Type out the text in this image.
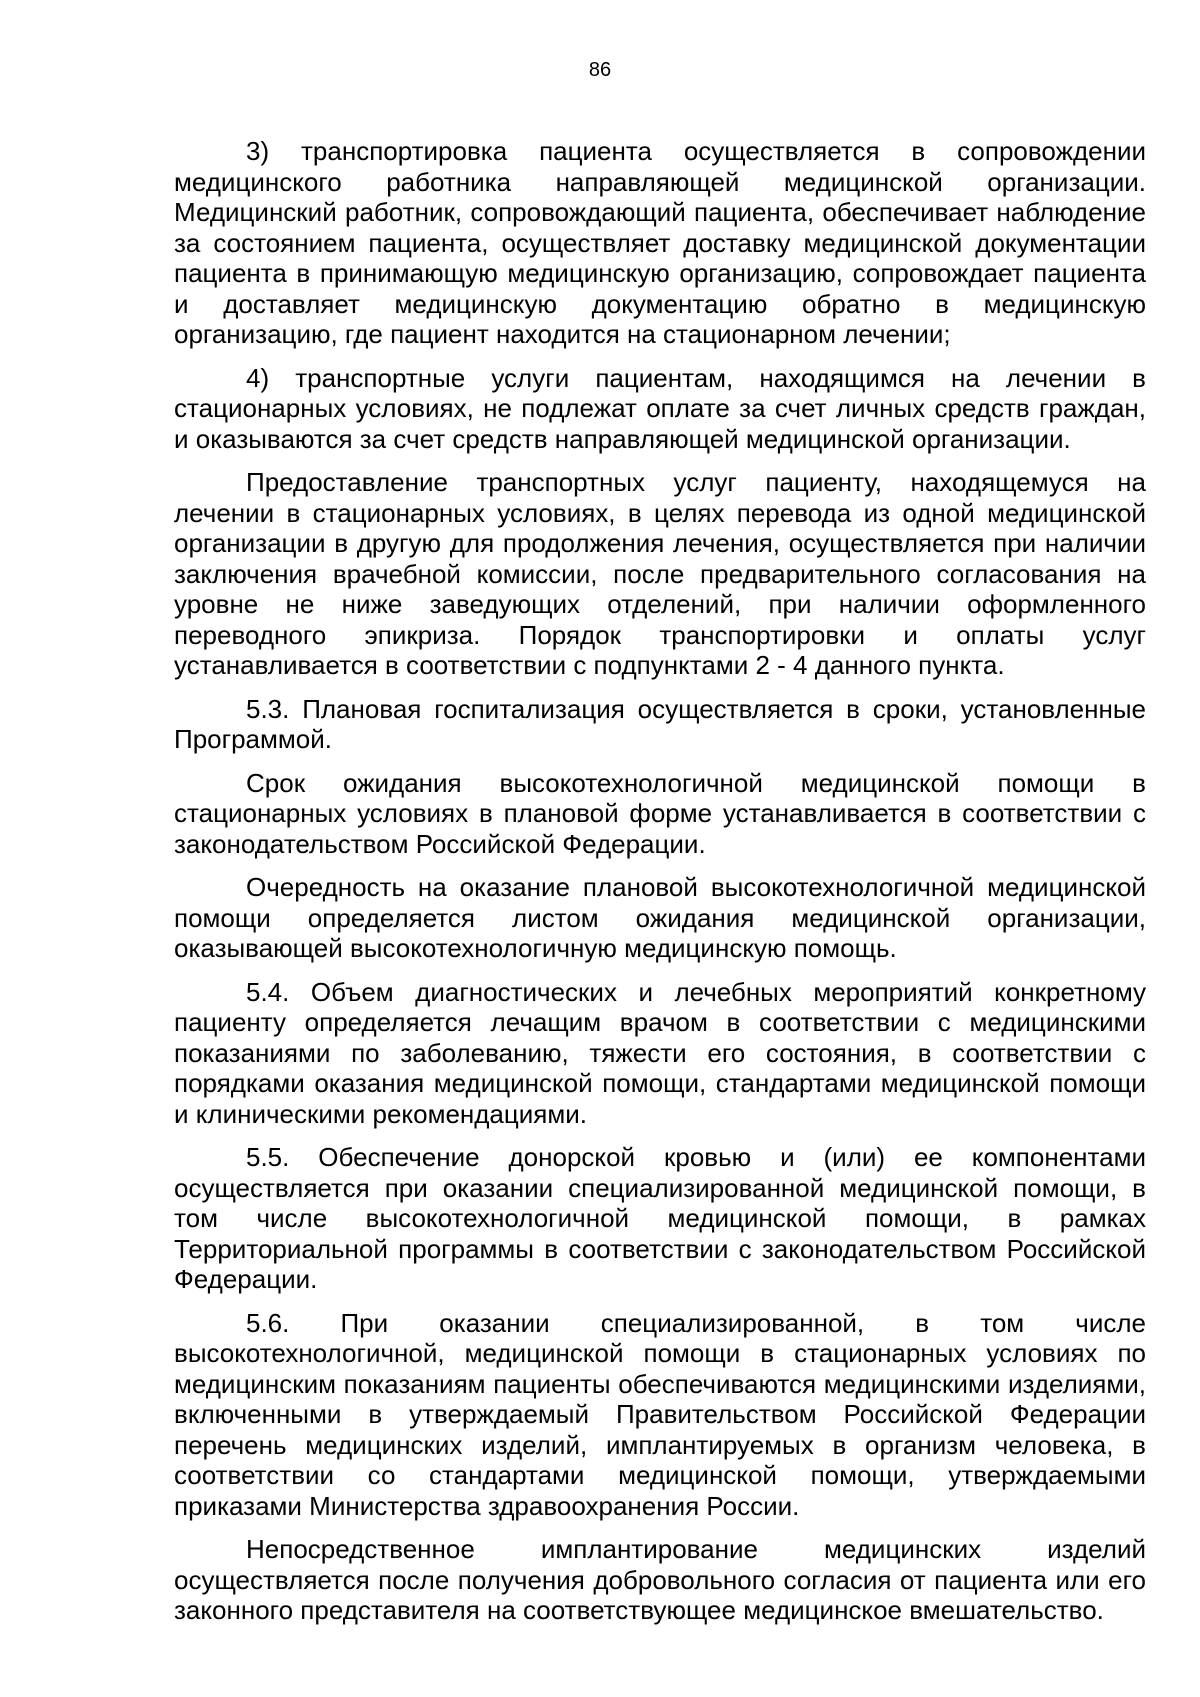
86

3) транспортировка пациента осуществляется в сопровождении медицинского работника направляющей медицинской организации. Медицинский работник, сопровождающий пациента, обеспечивает наблюдение за состоянием пациента, осуществляет доставку медицинской документации пациента в принимающую медицинскую организацию, сопровождает пациента и доставляет медицинскую документацию обратно в медицинскую организацию, где пациент находится на стационарном лечении;

4) транспортные услуги пациентам, находящимся на лечении в стационарных условиях, не подлежат оплате за счет личных средств граждан, и оказываются за счет средств направляющей медицинской организации.

Предоставление транспортных услуг пациенту, находящемуся на лечении в стационарных условиях, в целях перевода из одной медицинской организации в другую для продолжения лечения, осуществляется при наличии заключения врачебной комиссии, после предварительного согласования на уровне не ниже заведующих отделений, при наличии оформленного переводного эпикриза. Порядок транспортировки и оплаты услуг устанавливается в соответствии с подпунктами 2 - 4 данного пункта.

5.3. Плановая госпитализация осуществляется в сроки, установленные Программой.

Срок ожидания высокотехнологичной медицинской помощи в стационарных условиях в плановой форме устанавливается в соответствии с законодательством Российской Федерации.

Очередность на оказание плановой высокотехнологичной медицинской помощи определяется листом ожидания медицинской организации, оказывающей высокотехнологичную медицинскую помощь.

5.4. Объем диагностических и лечебных мероприятий конкретному пациенту определяется лечащим врачом в соответствии с медицинскими показаниями по заболеванию, тяжести его состояния, в соответствии с порядками оказания медицинской помощи, стандартами медицинской помощи и клиническими рекомендациями.

5.5. Обеспечение донорской кровью и (или) ее компонентами осуществляется при оказании специализированной медицинской помощи, в том числе высокотехнологичной медицинской помощи, в рамках Территориальной программы в соответствии с законодательством Российской Федерации.

5.6. При оказании специализированной, в том числе высокотехнологичной, медицинской помощи в стационарных условиях по медицинским показаниям пациенты обеспечиваются медицинскими изделиями, включенными в утверждаемый Правительством Российской Федерации перечень медицинских изделий, имплантируемых в организм человека, в соответствии со стандартами медицинской помощи, утверждаемыми приказами Министерства здравоохранения России.

Непосредственное имплантирование медицинских изделий осуществляется после получения добровольного согласия от пациента или его законного представителя на соответствующее медицинское вмешательство.
